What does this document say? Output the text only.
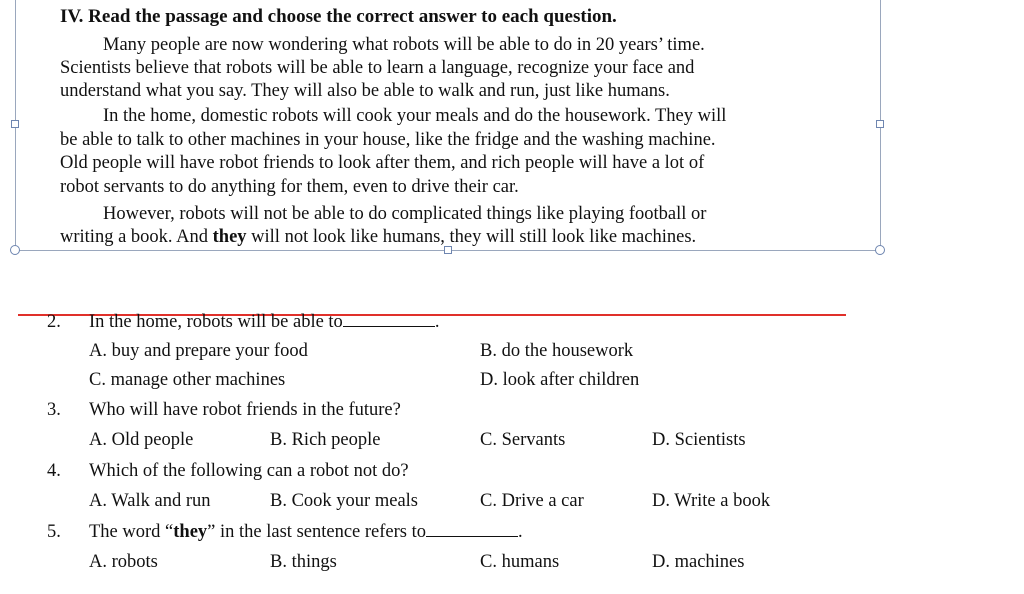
IV. Read the passage and choose the correct answer to each question.
Many people are now wondering what robots will be able to do in 20 years’ time.
Scientists believe that robots will be able to learn a language, recognize your face and
understand what you say. They will also be able to walk and run, just like humans.
In the home, domestic robots will cook your meals and do the housework. They will
be able to talk to other machines in your house, like the fridge and the washing machine.
Old people will have robot friends to look after them, and rich people will have a lot of
robot servants to do anything for them, even to drive their car.
However, robots will not be able to do complicated things like playing football or
writing a book. And they will not look like humans, they will still look like machines.
2. In the home, robots will be able to	.
A. buy and prepare your food	B. do the housework
C. manage other machines	D. look after children
3. Who will have robot friends in the future?
A. Old people	B. Rich people	C. Servants	D. Scientists
4. Which of the following can a robot not do?
A. Walk and run	B. Cook your meals	C. Drive a car	D. Write a book
5. The word “they” in the last sentence refers to	.
A. robots	B. things	C. humans	D. machines
